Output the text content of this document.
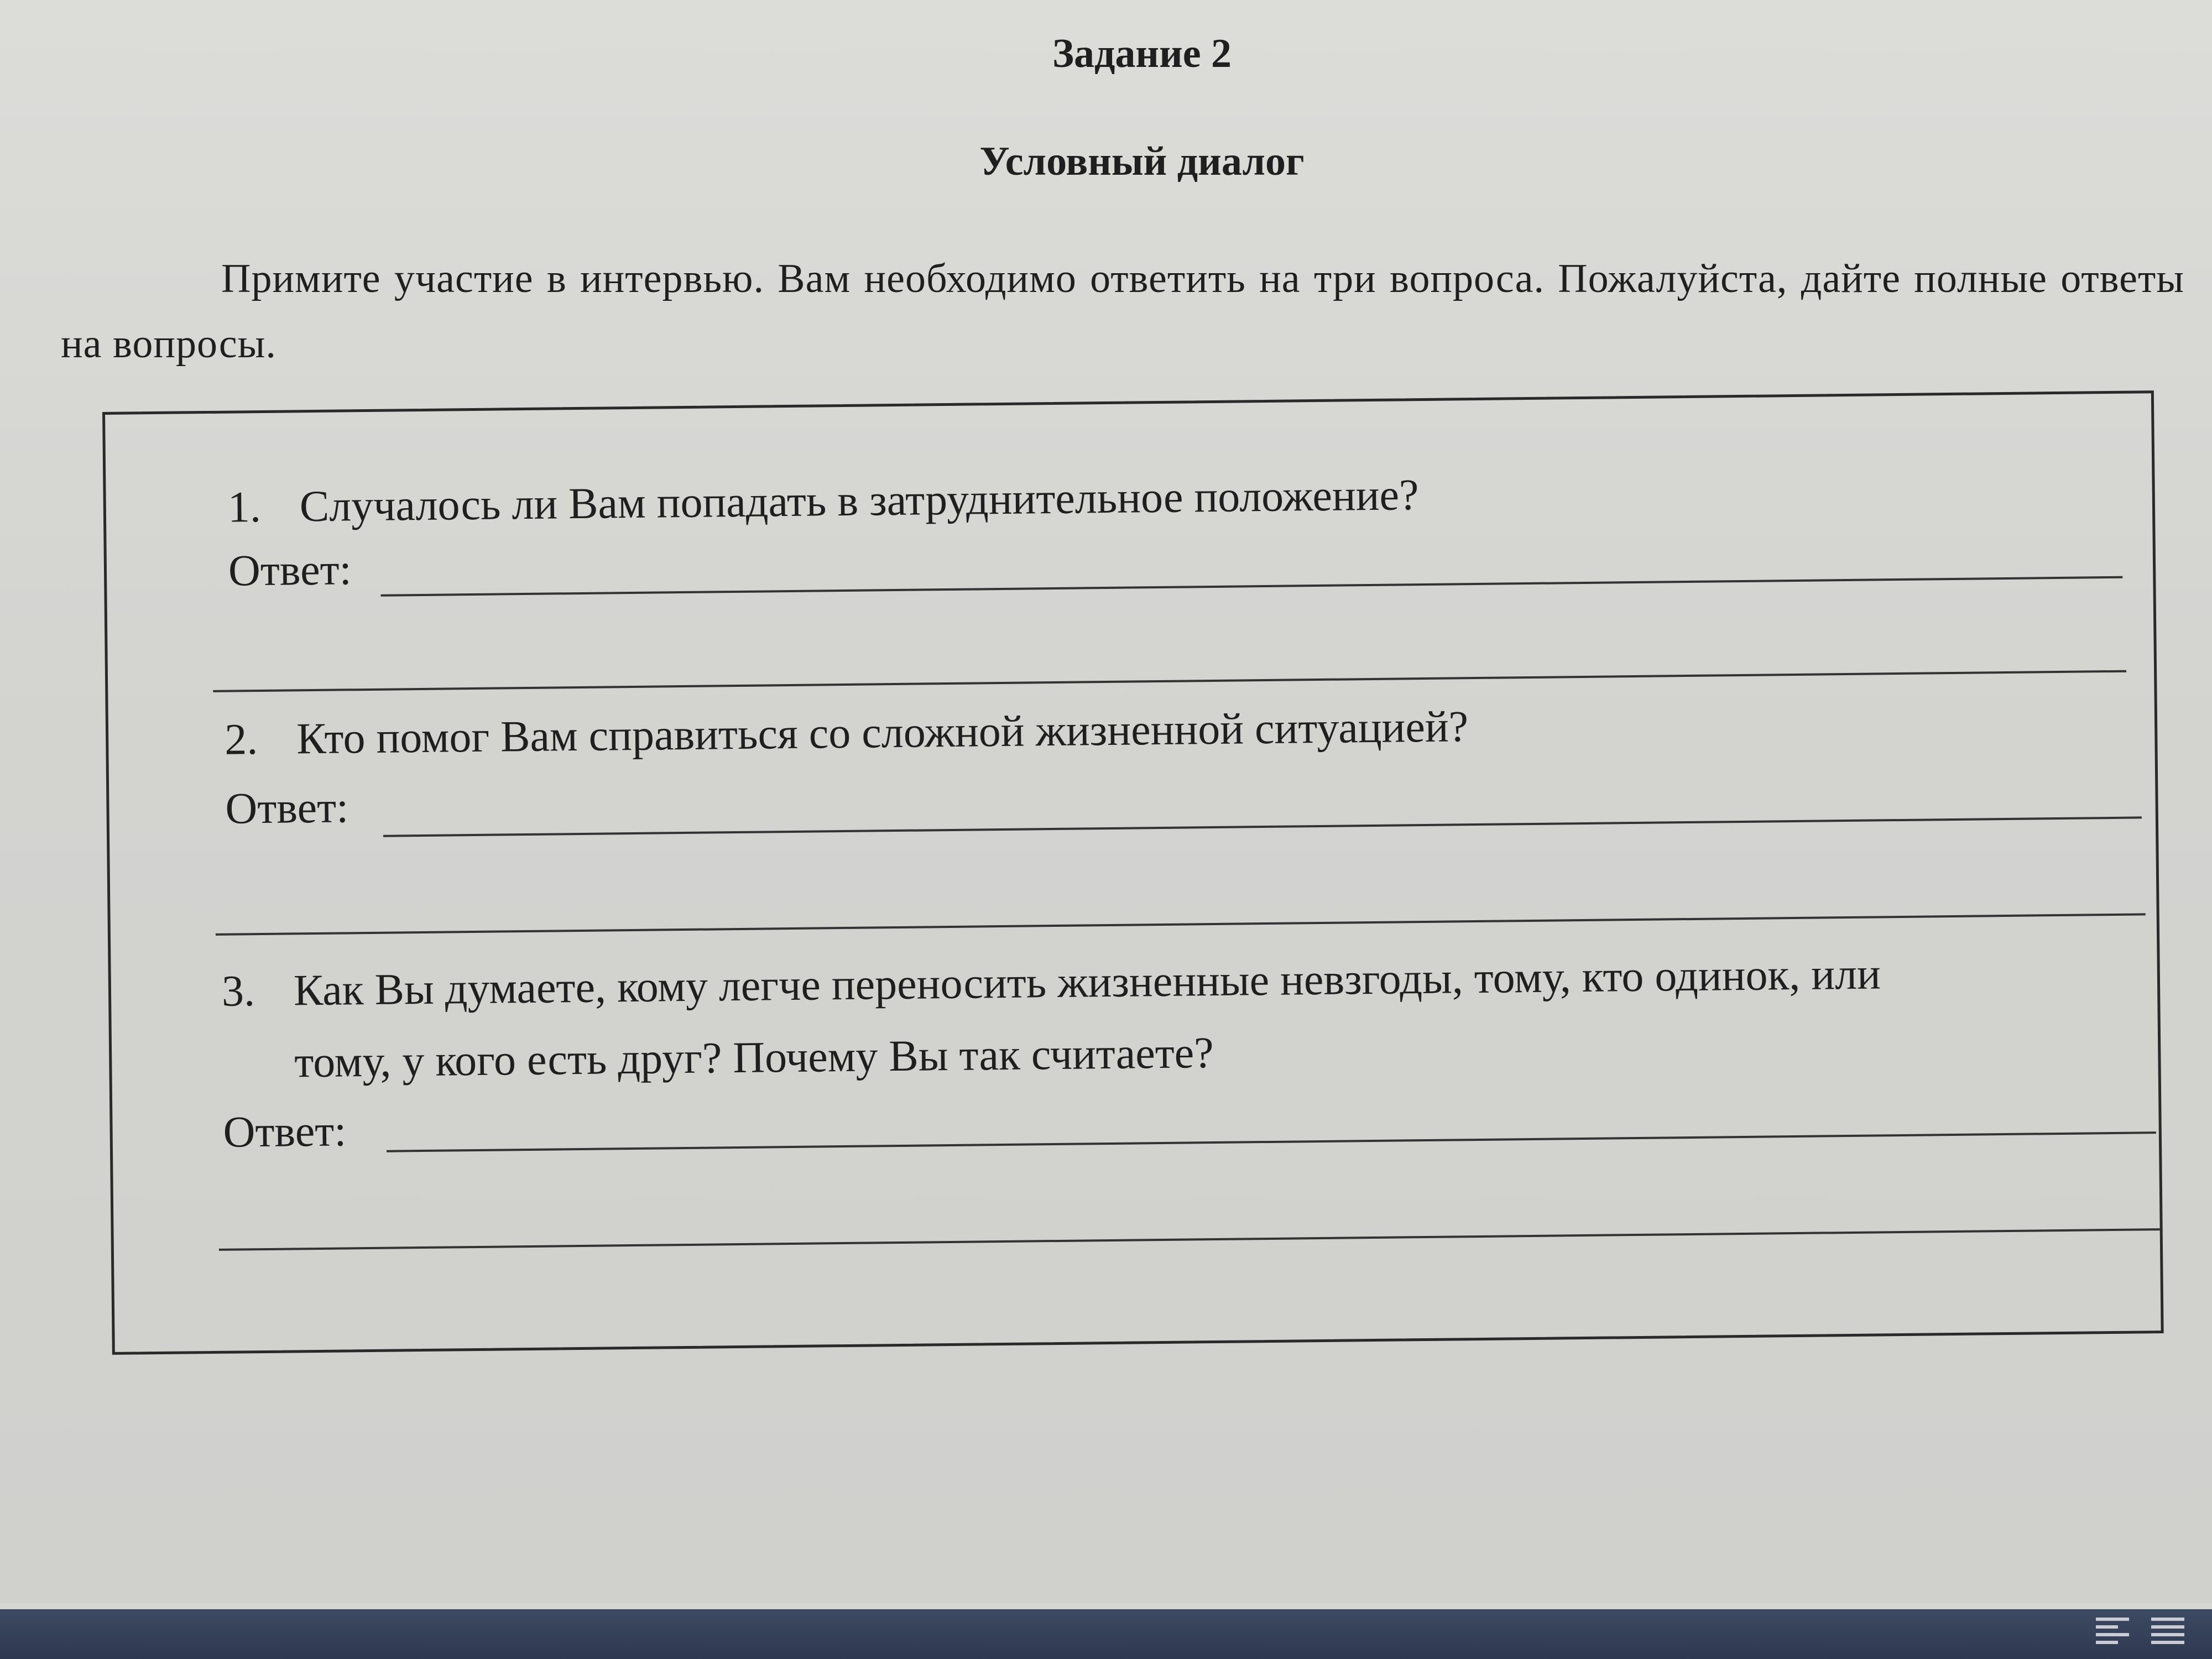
Задание 2
Условный диалог
Примите участие в интервью. Вам необходимо ответить на три вопроса. Пожалуйста, дайте полные ответы на вопросы.
1. Случалось ли Вам попадать в затруднительное положение?
Ответ:
2. Кто помог Вам справиться со сложной жизненной ситуацией?
Ответ:
3. Как Вы думаете, кому легче переносить жизненные невзгоды, тому, кто одинок, или
тому, у кого есть друг? Почему Вы так считаете?
Ответ:
